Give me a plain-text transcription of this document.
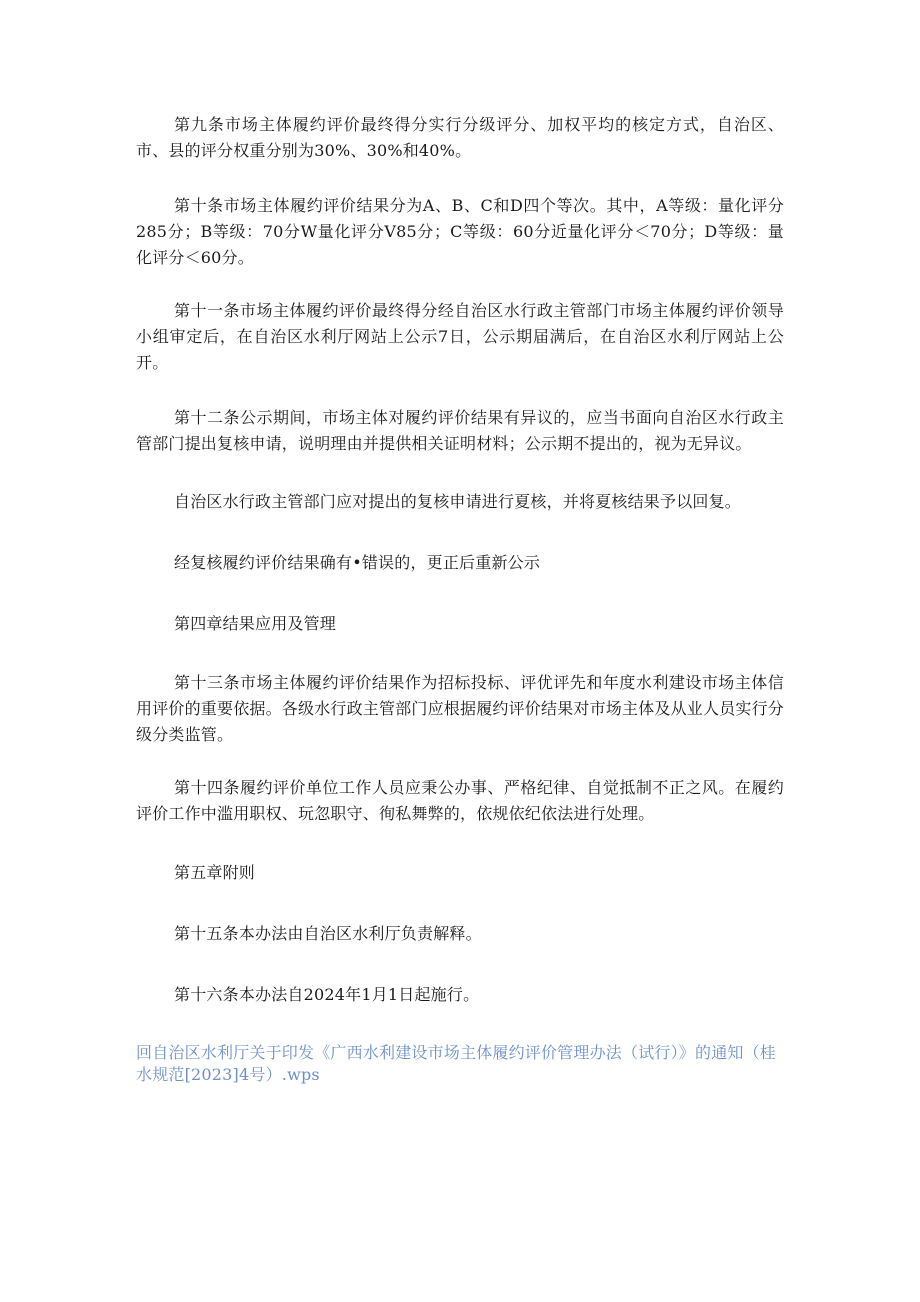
第九条市场主体履约评价最终得分实行分级评分、加权平均的核定方式，自治区、市、县的评分权重分别为30%、30%和40%。

第十条市场主体履约评价结果分为A、B、C和D四个等次。其中，A等级：量化评分285分；B等级：70分W量化评分V85分；C等级：60分近量化评分＜70分；D等级：量化评分＜60分。

第十一条市场主体履约评价最终得分经自治区水行政主管部门市场主体履约评价领导小组审定后，在自治区水利厅网站上公示7日，公示期届满后，在自治区水利厅网站上公开。

第十二条公示期间，市场主体对履约评价结果有异议的，应当书面向自治区水行政主管部门提出复核申请，说明理由并提供相关证明材料；公示期不提出的，视为无异议。

自治区水行政主管部门应对提出的复核申请进行夏核，并将夏核结果予以回复。

经复核履约评价结果确有•错误的，更正后重新公示

第四章结果应用及管理

第十三条市场主体履约评价结果作为招标投标、评优评先和年度水利建设市场主体信用评价的重要依据。各级水行政主管部门应根据履约评价结果对市场主体及从业人员实行分级分类监管。

第十四条履约评价单位工作人员应秉公办事、严格纪律、自觉抵制不正之风。在履约评价工作中滥用职权、玩忽职守、徇私舞弊的，依规依纪依法进行处理。

第五章附则

第十五条本办法由自治区水利厅负责解释。

第十六条本办法自2024年1月1日起施行。

回自治区水利厅关于印发《广西水利建设市场主体履约评价管理办法（试行）》的通知（桂水规范[2023]4号）.wps
